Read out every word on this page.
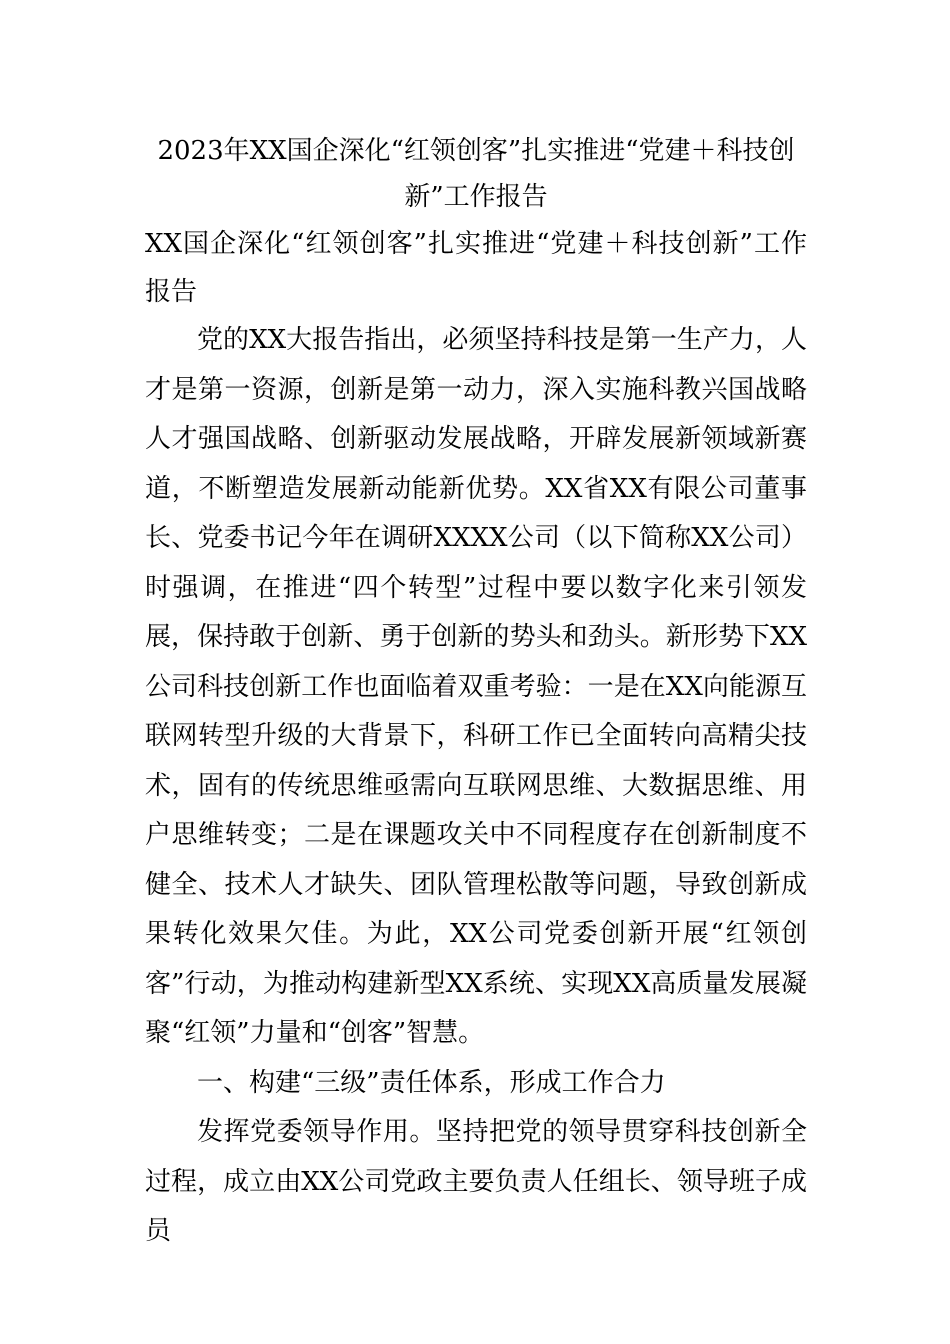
2023年XX国企深化“红领创客”扎实推进“党建＋科技创新”工作报告

XX国企深化“红领创客”扎实推进“党建＋科技创新”工作报告

党的XX大报告指出，必须坚持科技是第一生产力，人才是第一资源，创新是第一动力，深入实施科教兴国战略人才强国战略、创新驱动发展战略，开辟发展新领域新赛道，不断塑造发展新动能新优势。XX省XX有限公司董事长、党委书记今年在调研XXXX公司（以下简称XX公司）时强调，在推进“四个转型”过程中要以数字化来引领发展，保持敢于创新、勇于创新的势头和劲头。新形势下XX公司科技创新工作也面临着双重考验：一是在XX向能源互联网转型升级的大背景下，科研工作已全面转向高精尖技术，固有的传统思维亟需向互联网思维、大数据思维、用户思维转变；二是在课题攻关中不同程度存在创新制度不健全、技术人才缺失、团队管理松散等问题，导致创新成果转化效果欠佳。为此，XX公司党委创新开展“红领创客”行动，为推动构建新型XX系统、实现XX高质量发展凝聚“红领”力量和“创客”智慧。

一、构建“三级”责任体系，形成工作合力

发挥党委领导作用。坚持把党的领导贯穿科技创新全过程，成立由XX公司党政主要负责人任组长、领导班子成员
